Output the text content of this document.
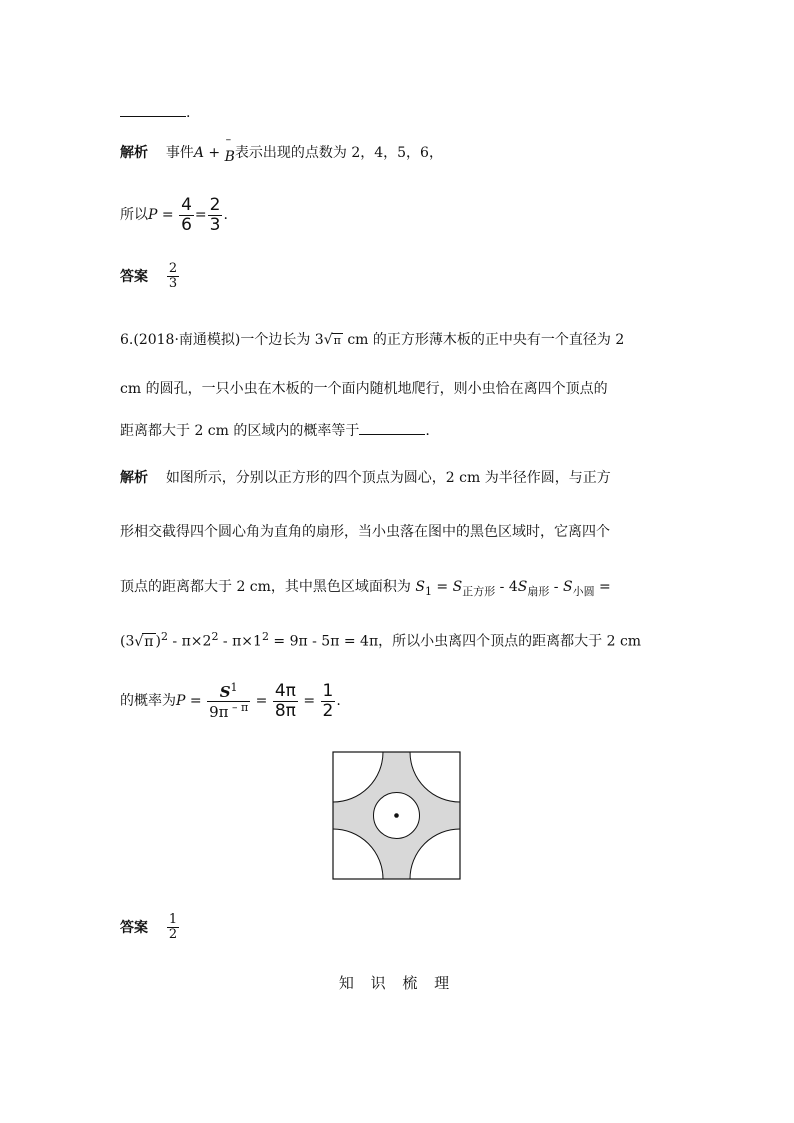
.
解析 事件A +
–
B表示出现的点数为 2，4，5，6，
所以$P = \frac{4}{6} = \frac{2}{3}$ .
答案 $\frac{2}{3}$
6.(2018·南通模拟)一个边长为 3√π cm 的正方形薄木板的正中央有一个直径为 2
cm 的圆孔，一只小虫在木板的一个面内随机地爬行，则小虫恰在离四个顶点的
距离都大于 2 cm 的区域内的概率等于	.
解析 如图所示，分别以正方形的四个顶点为圆心，2 cm 为半径作圆，与正方
形相交截得四个圆心角为直角的扇形，当小虫落在图中的黑色区域时，它离四个
顶点的距离都大于 2 cm，其中黑色区域面积为 $S_1 = S_{正方形} - 4S_{扇形} - S_{小圆}$ =
(3√π )$^2 - \pi\times 2^2 - \pi\times 1^2 = 9\pi - 5\pi = 4\pi$，所以小虫离四个顶点的距离都大于 2 cm
的概率为$P = \frac{S^1}{9\pi ^{- \pi}} = \frac{4\pi}{8\pi} = \frac{1}{2}$ .
答案 $\frac{1}{2}$
知 识 梳 理
